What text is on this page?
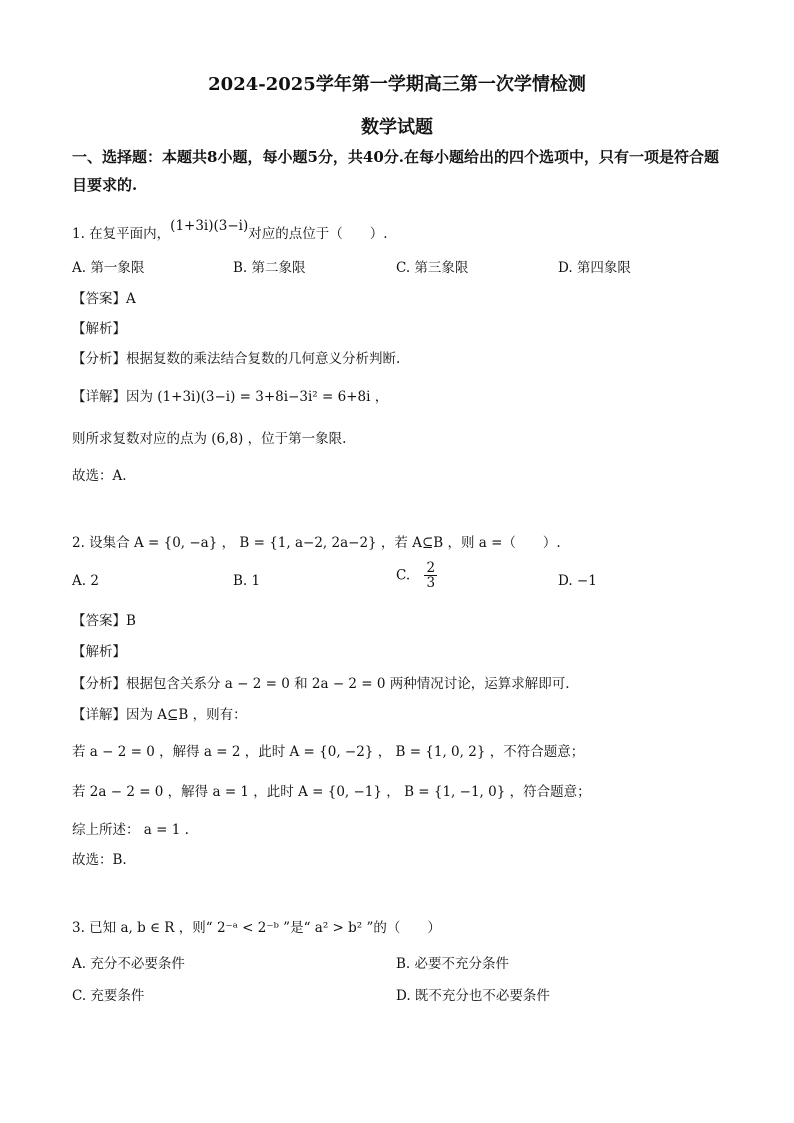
2024-2025学年第一学期高三第一次学情检测
数学试题
一、选择题：本题共8小题，每小题5分，共40分.在每小题给出的四个选项中，只有一项是符合题目要求的.
1. 在复平面内，(1+3i)(3−i)对应的点位于（　　）.
A. 第一象限	B. 第二象限	C. 第三象限	D. 第四象限
【答案】A
【解析】
【分析】根据复数的乘法结合复数的几何意义分析判断.
【详解】因为 (1+3i)(3−i) = 3+8i−3i² = 6+8i ，
则所求复数对应的点为 (6,8) ，位于第一象限.
故选：A.
2. 设集合 A = {0, −a} ， B = {1, a−2, 2a−2} ，若 A⊆B ，则 a =（　　）.
A. 2	B. 1	C. $\frac{2}{3}$	D. −1
【答案】B
【解析】
【分析】根据包含关系分 a − 2 = 0 和 2a − 2 = 0 两种情况讨论，运算求解即可.
【详解】因为 A⊆B ，则有：
若 a − 2 = 0 ，解得 a = 2 ，此时 A = {0, −2} ， B = {1, 0, 2} ，不符合题意；
若 2a − 2 = 0 ，解得 a = 1 ，此时 A = {0, −1} ， B = {1, −1, 0} ，符合题意；
综上所述： a = 1 .
故选：B.
3. 已知 a, b ∈ R ，则“ 2⁻ᵃ < 2⁻ᵇ ”是“ a² > b² ”的（　　）
A. 充分不必要条件	B. 必要不充分条件
C. 充要条件	D. 既不充分也不必要条件
